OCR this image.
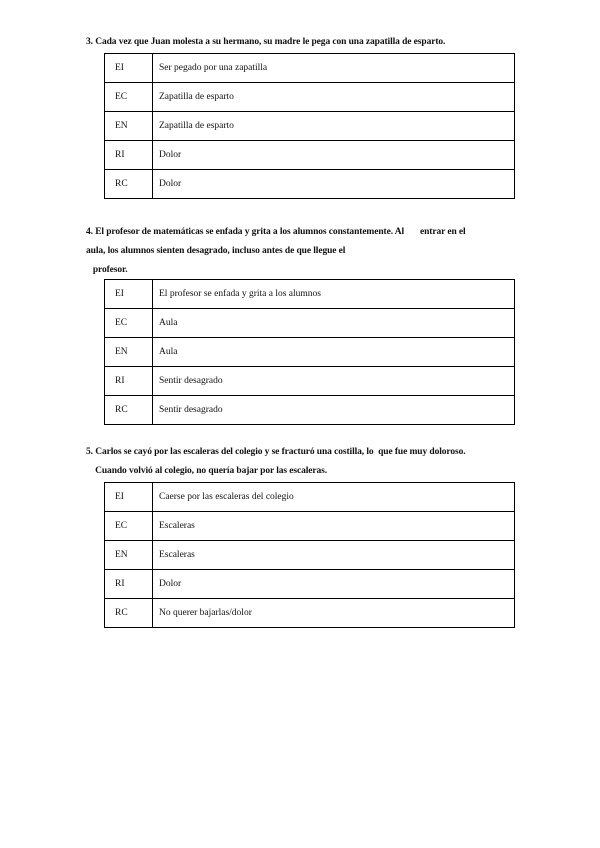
3. Cada vez que Juan molesta a su hermano, su madre le pega con una zapatilla de esparto.
EI	Ser pegado por una zapatilla
EC	Zapatilla de esparto
EN	Zapatilla de esparto
RI	Dolor
RC	Dolor
4. El profesor de matemáticas se enfada y grita a los alumnos constantemente. Al       entrar en el
aula, los alumnos sienten desagrado, incluso antes de que llegue el
profesor.
EI	El profesor se enfada y grita a los alumnos
EC	Aula
EN	Aula
RI	Sentir desagrado
RC	Sentir desagrado
5. Carlos se cayó por las escaleras del colegio y se fracturó una costilla, lo  que fue muy doloroso.
Cuando volvió al colegio, no quería bajar por las escaleras.
EI	Caerse por las escaleras del colegio
EC	Escaleras
EN	Escaleras
RI	Dolor
RC	No querer bajarlas/dolor
